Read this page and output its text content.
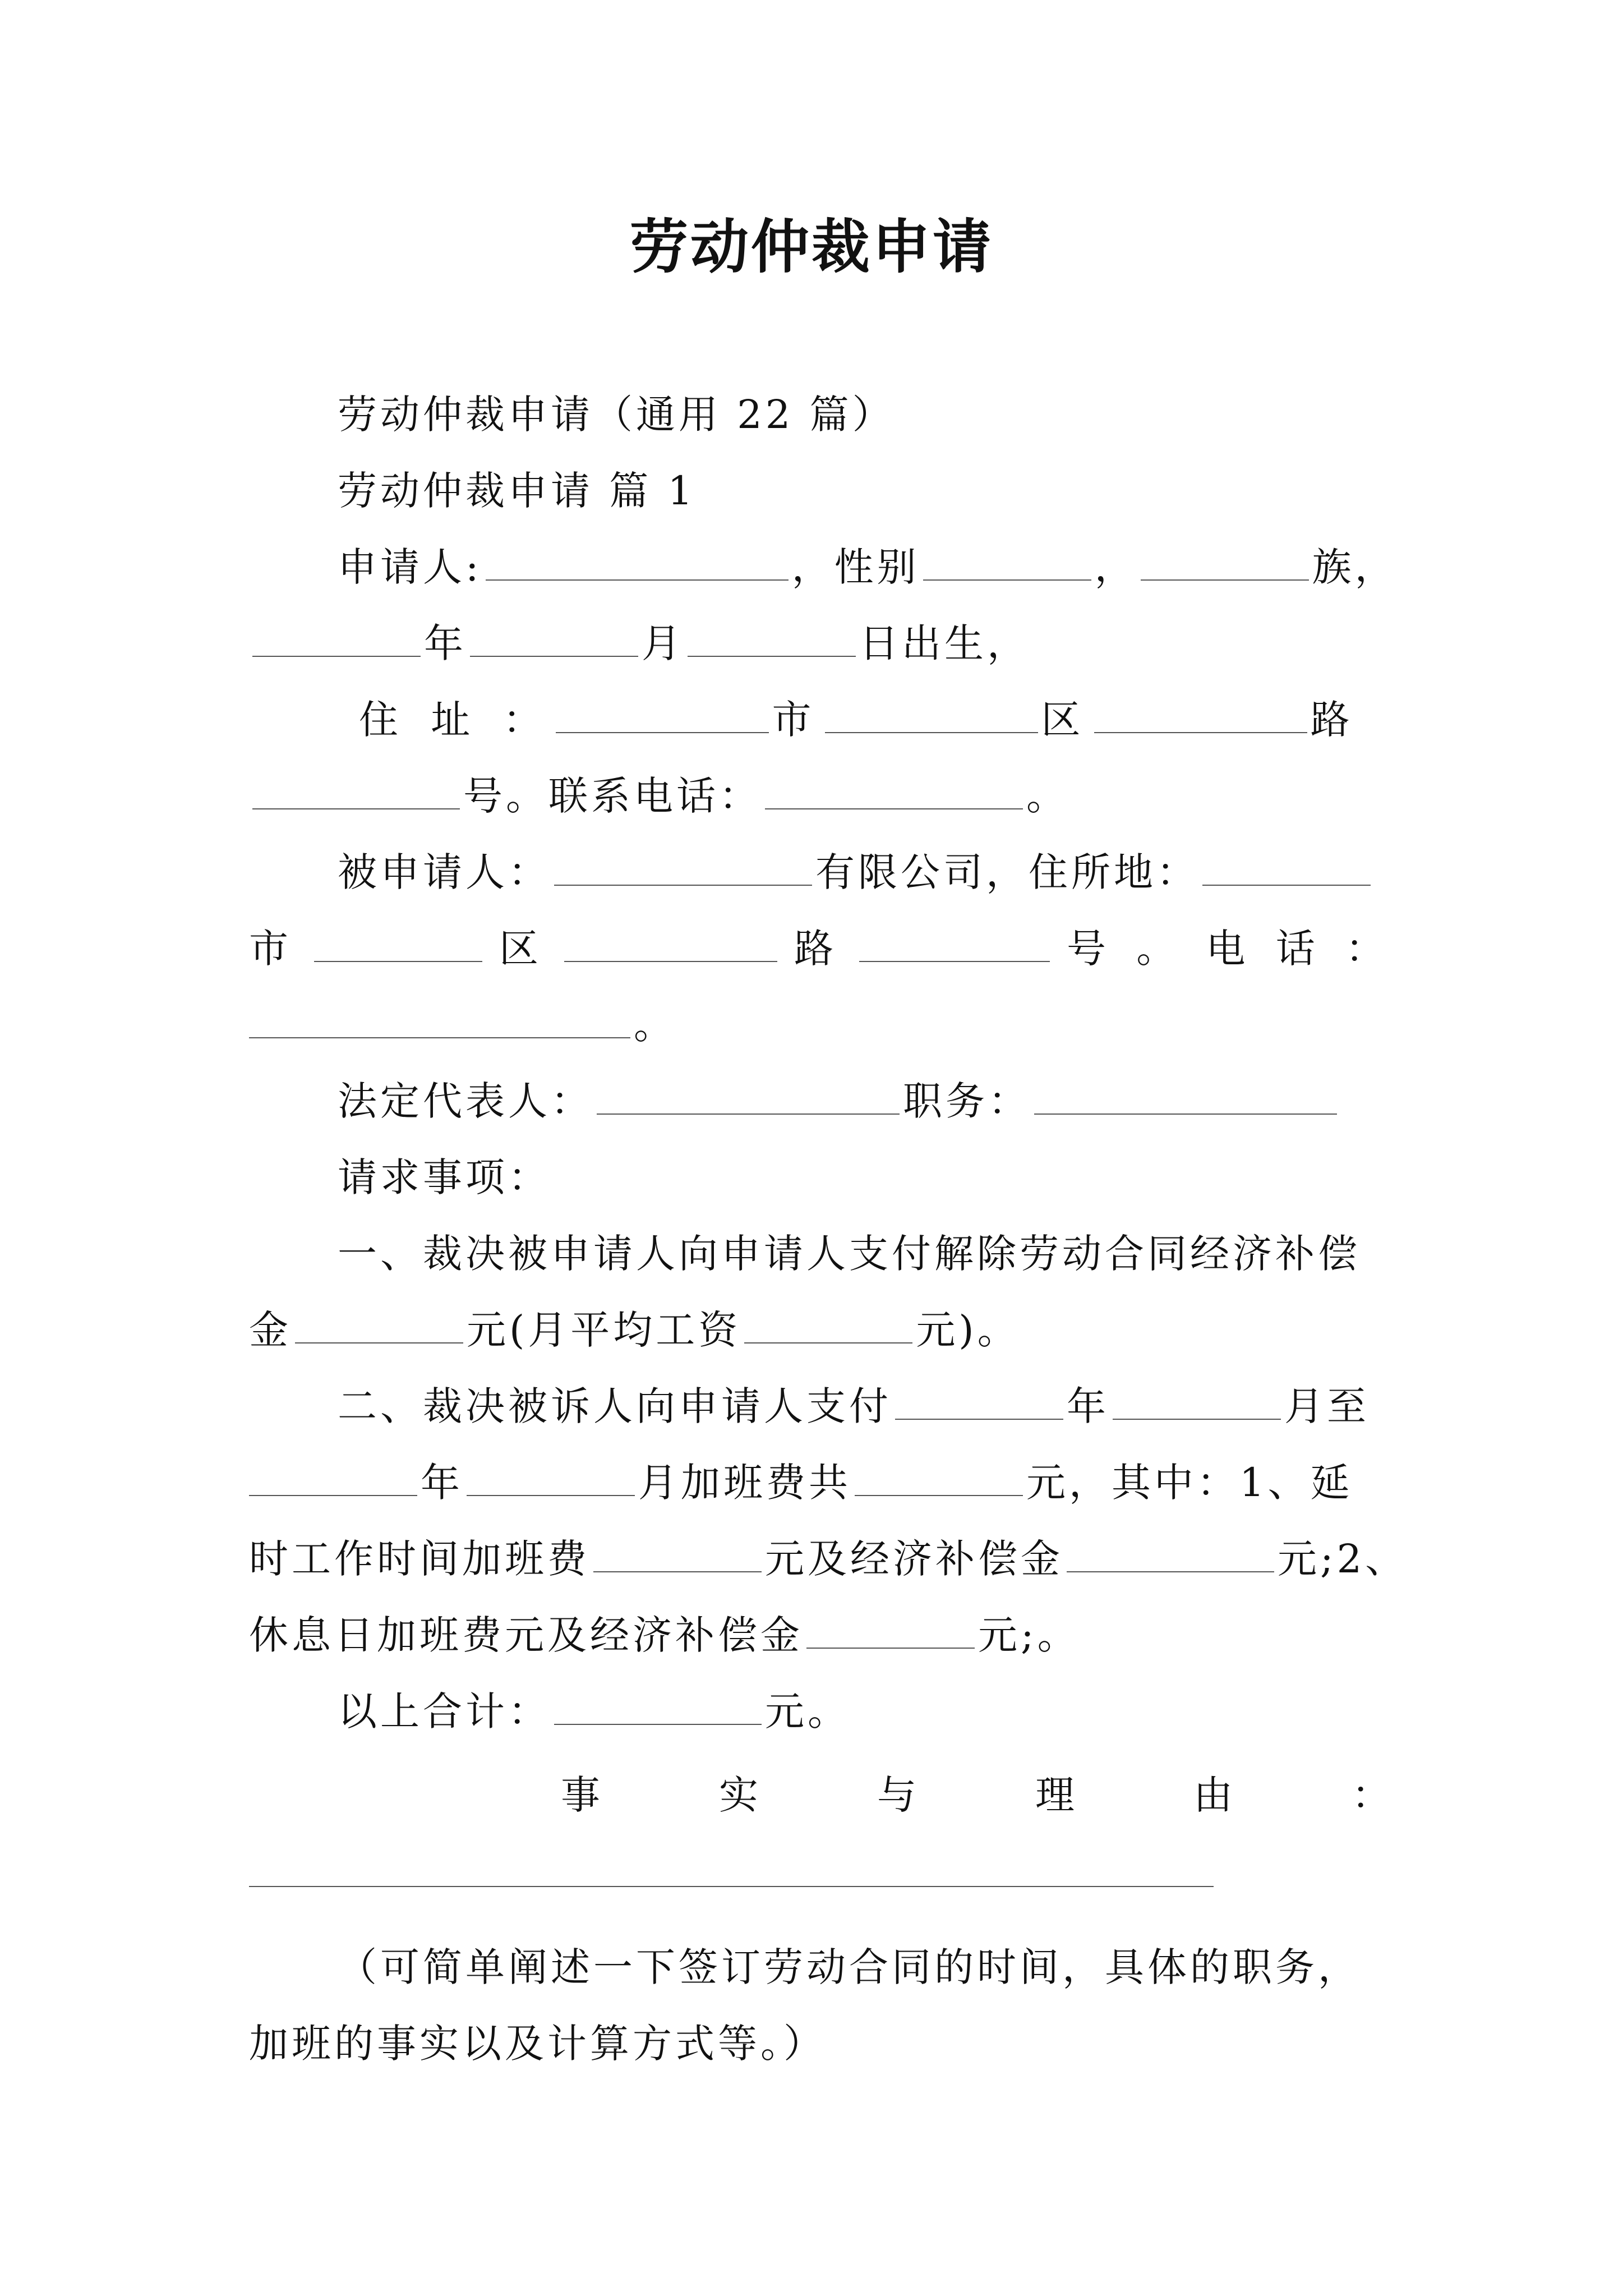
劳动仲裁申请
劳动仲裁申请（通用 22 篇）
劳动仲裁申请 篇 1
申请人:	，性别	，	族，
年	月	日出生，
住 址 ：	市	区	路
号。联系电话：	。
被申请人：	有限公司，住所地：
市	区	路	号 。 电 话 ：
。
法定代表人：	职务：
请求事项：
一、裁决被申请人向申请人支付解除劳动合同经济补偿
金	元(月平均工资	元)。
二、裁决被诉人向申请人支付	年	月至
年	月加班费共	元，其中：1、延
时工作时间加班费	元及经济补偿金	元;2、
休息日加班费元及经济补偿金	元;。
以上合计：	元。
事	实	与	理	由	：
（可简单阐述一下签订劳动合同的时间，具体的职务，
加班的事实以及计算方式等。）
